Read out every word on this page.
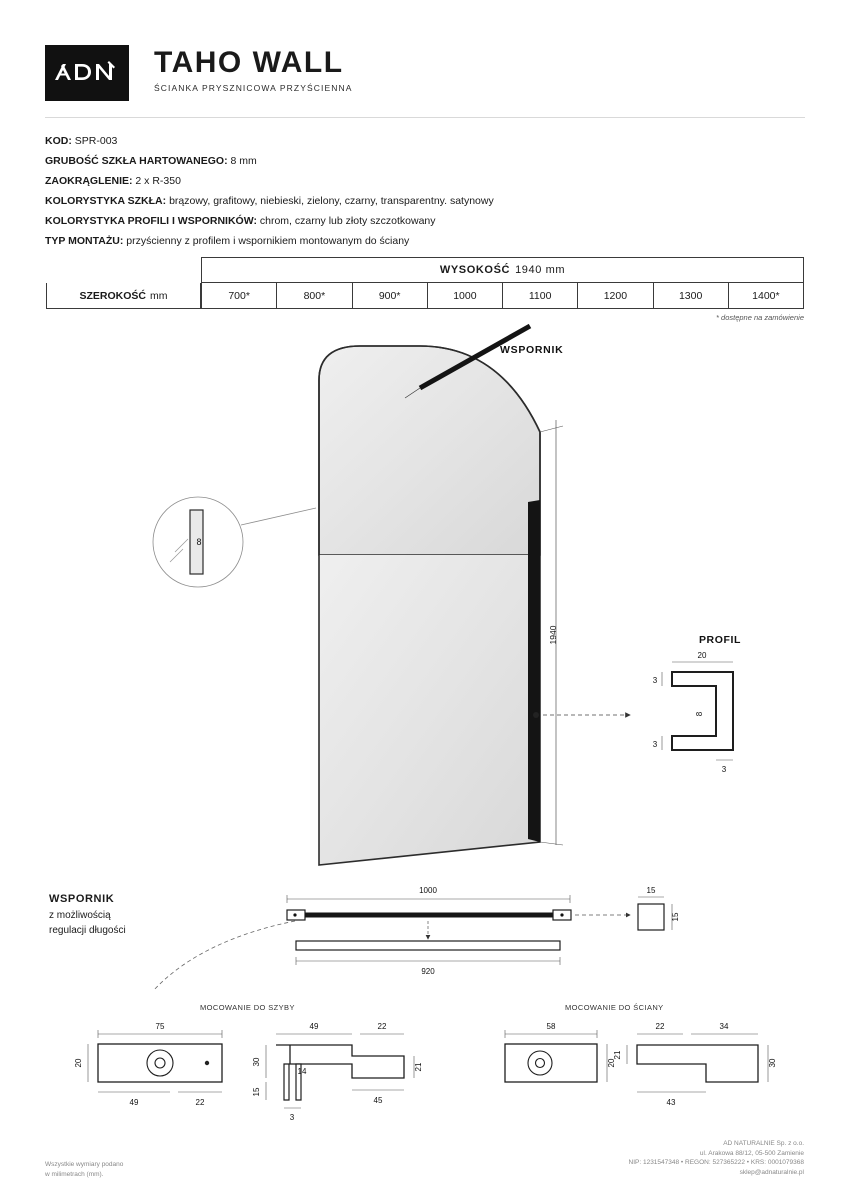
TAHO WALL
ŚCIANKA PRYSZNICOWA PRZYŚCIENNA
KOD: SPR-003
GRUBOŚĆ SZKŁA HARTOWANEGO: 8 mm
ZAOKRĄGLENIE: 2 x R-350
KOLORYSTYKA SZKŁA: brązowy, grafitowy, niebieski, zielony, czarny, transparentny. satynowy
KOLORYSTYKA PROFILI I WSPORNIKÓW: chrom, czarny lub złoty szczotkowany
TYP MONTAŻU: przyścienny z profilem i wspornikiem montowanym do ściany
WYSOKOŚĆ 1940 mm
SZEROKOŚĆ mm	700*	800*	900*	1000	1100	1200	1300	1400*
* dostępne na zamówienie
WSPORNIK
8
1940	PROFIL
20
3
3
8
3
WSPORNIK
z możliwością
regulacji długości
1000
920
15
15
MOCOWANIE DO SZYBY	MOCOWANIE DO ŚCIANY
75
20
49	22
49	22
30
21
14
15
45
3
58
20
22	34
21
30
43
Wszystkie wymiary podano
w milimetrach (mm).
AD NATURALNIE Sp. z o.o.
ul. Arakowa 88/12, 05-500 Zamienie
NIP: 1231547348 • REGON: 527365222 • KRS: 0001079368
sklep@adnaturalnie.pl
